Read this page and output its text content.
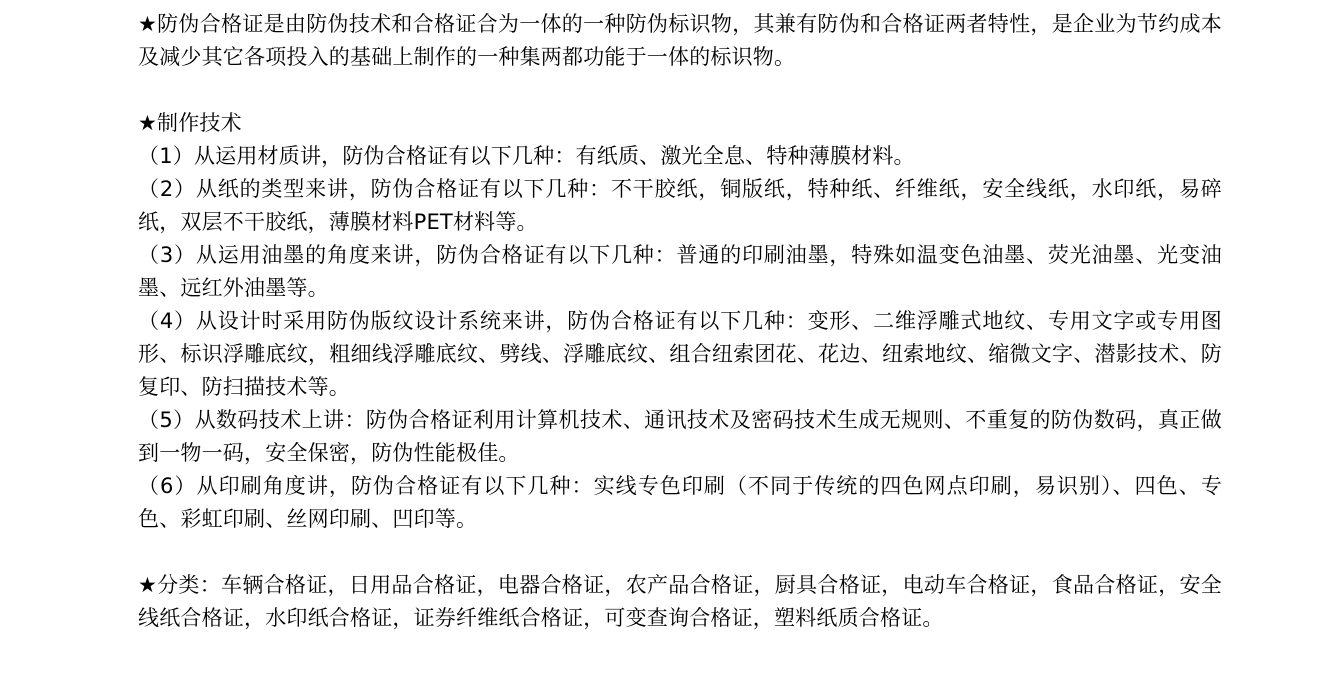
★防伪合格证是由防伪技术和合格证合为一体的一种防伪标识物，其兼有防伪和合格证两者特性，是企业为节约成本及减少其它各项投入的基础上制作的一种集两都功能于一体的标识物。

★制作技术

（1）从运用材质讲，防伪合格证有以下几种：有纸质、激光全息、特种薄膜材料。

（2）从纸的类型来讲，防伪合格证有以下几种：不干胶纸，铜版纸，特种纸、纤维纸，安全线纸，水印纸，易碎纸，双层不干胶纸，薄膜材料PET材料等。

（3）从运用油墨的角度来讲，防伪合格证有以下几种：普通的印刷油墨，特殊如温变色油墨、荧光油墨、光变油墨、远红外油墨等。

（4）从设计时采用防伪版纹设计系统来讲，防伪合格证有以下几种：变形、二维浮雕式地纹、专用文字或专用图形、标识浮雕底纹，粗细线浮雕底纹、劈线、浮雕底纹、组合纽索团花、花边、纽索地纹、缩微文字、潜影技术、防复印、防扫描技术等。

（5）从数码技术上讲：防伪合格证利用计算机技术、通讯技术及密码技术生成无规则、不重复的防伪数码，真正做到一物一码，安全保密，防伪性能极佳。

（6）从印刷角度讲，防伪合格证有以下几种：实线专色印刷（不同于传统的四色网点印刷，易识别）、四色、专色、彩虹印刷、丝网印刷、凹印等。

★分类：车辆合格证，日用品合格证，电器合格证，农产品合格证，厨具合格证，电动车合格证，食品合格证，安全线纸合格证，水印纸合格证，证券纤维纸合格证，可变查询合格证，塑料纸质合格证。
